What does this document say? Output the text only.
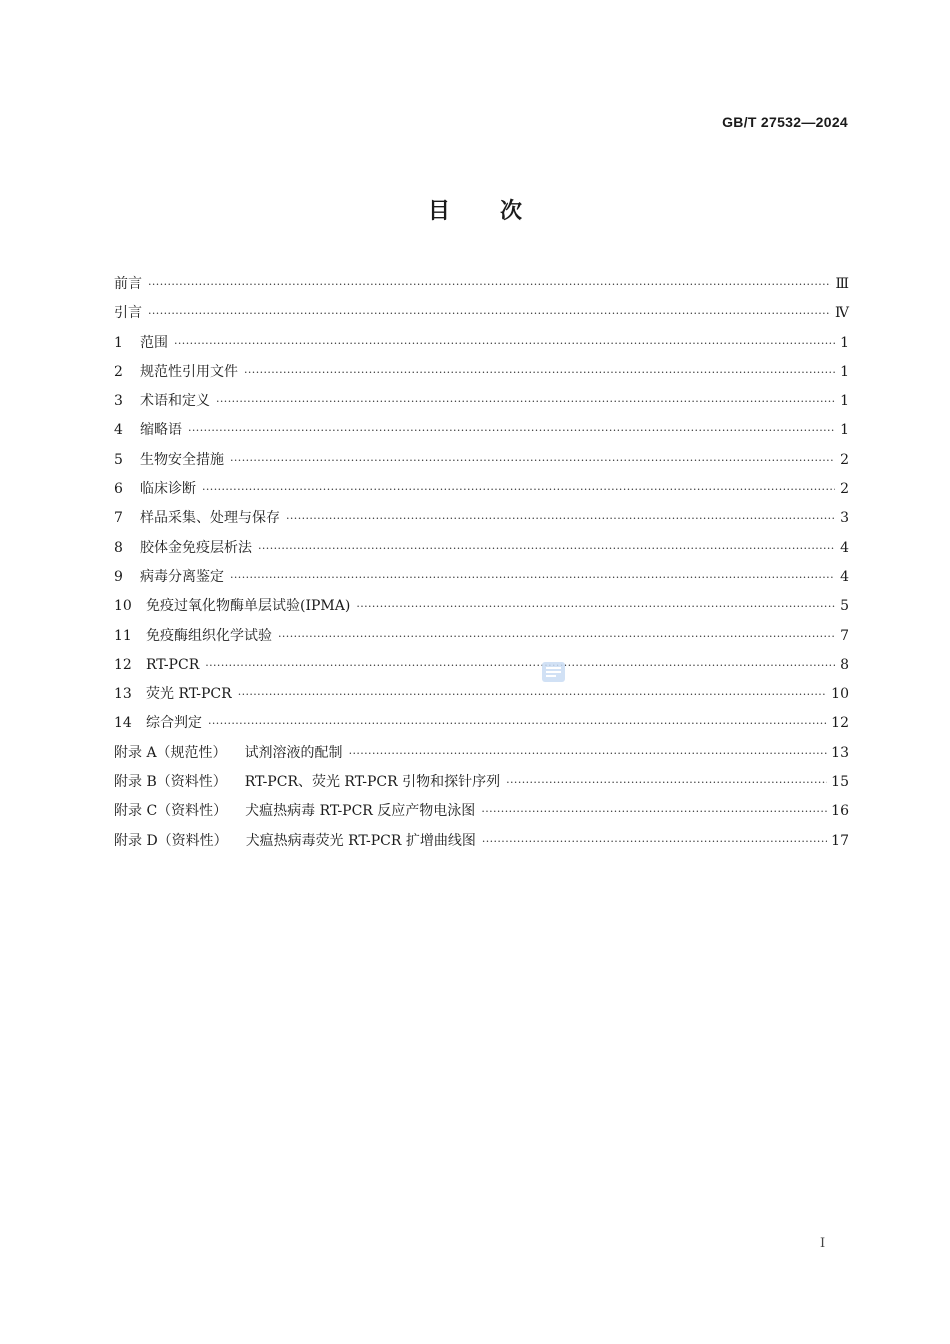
GB/T 27532—2024
目次
前言 ·····	Ⅲ
引言 ·····	Ⅳ
1	范围 ·····	1
2	规范性引用文件 ·····	1
3	术语和定义 ·····	1
4	缩略语 ·····	1
5	生物安全措施 ·····	2
6	临床诊断 ·····	2
7	样品采集、处理与保存 ·····	3
8	胶体金免疫层析法 ·····	4
9	病毒分离鉴定 ·····	4
10	免疫过氧化物酶单层试验(IPMA) ·····	5
11	免疫酶组织化学试验 ·····	7
12	RT-PCR ·····	8
13	荧光 RT-PCR ·····	10
14	综合判定 ·····	12
附录 A（规范性） 试剂溶液的配制 ·····	13
附录 B（资料性） RT-PCR、荧光 RT-PCR 引物和探针序列 ·····	15
附录 C（资料性） 犬瘟热病毒 RT-PCR 反应产物电泳图 ·····	16
附录 D（资料性） 犬瘟热病毒荧光 RT-PCR 扩增曲线图 ·····	17
I
